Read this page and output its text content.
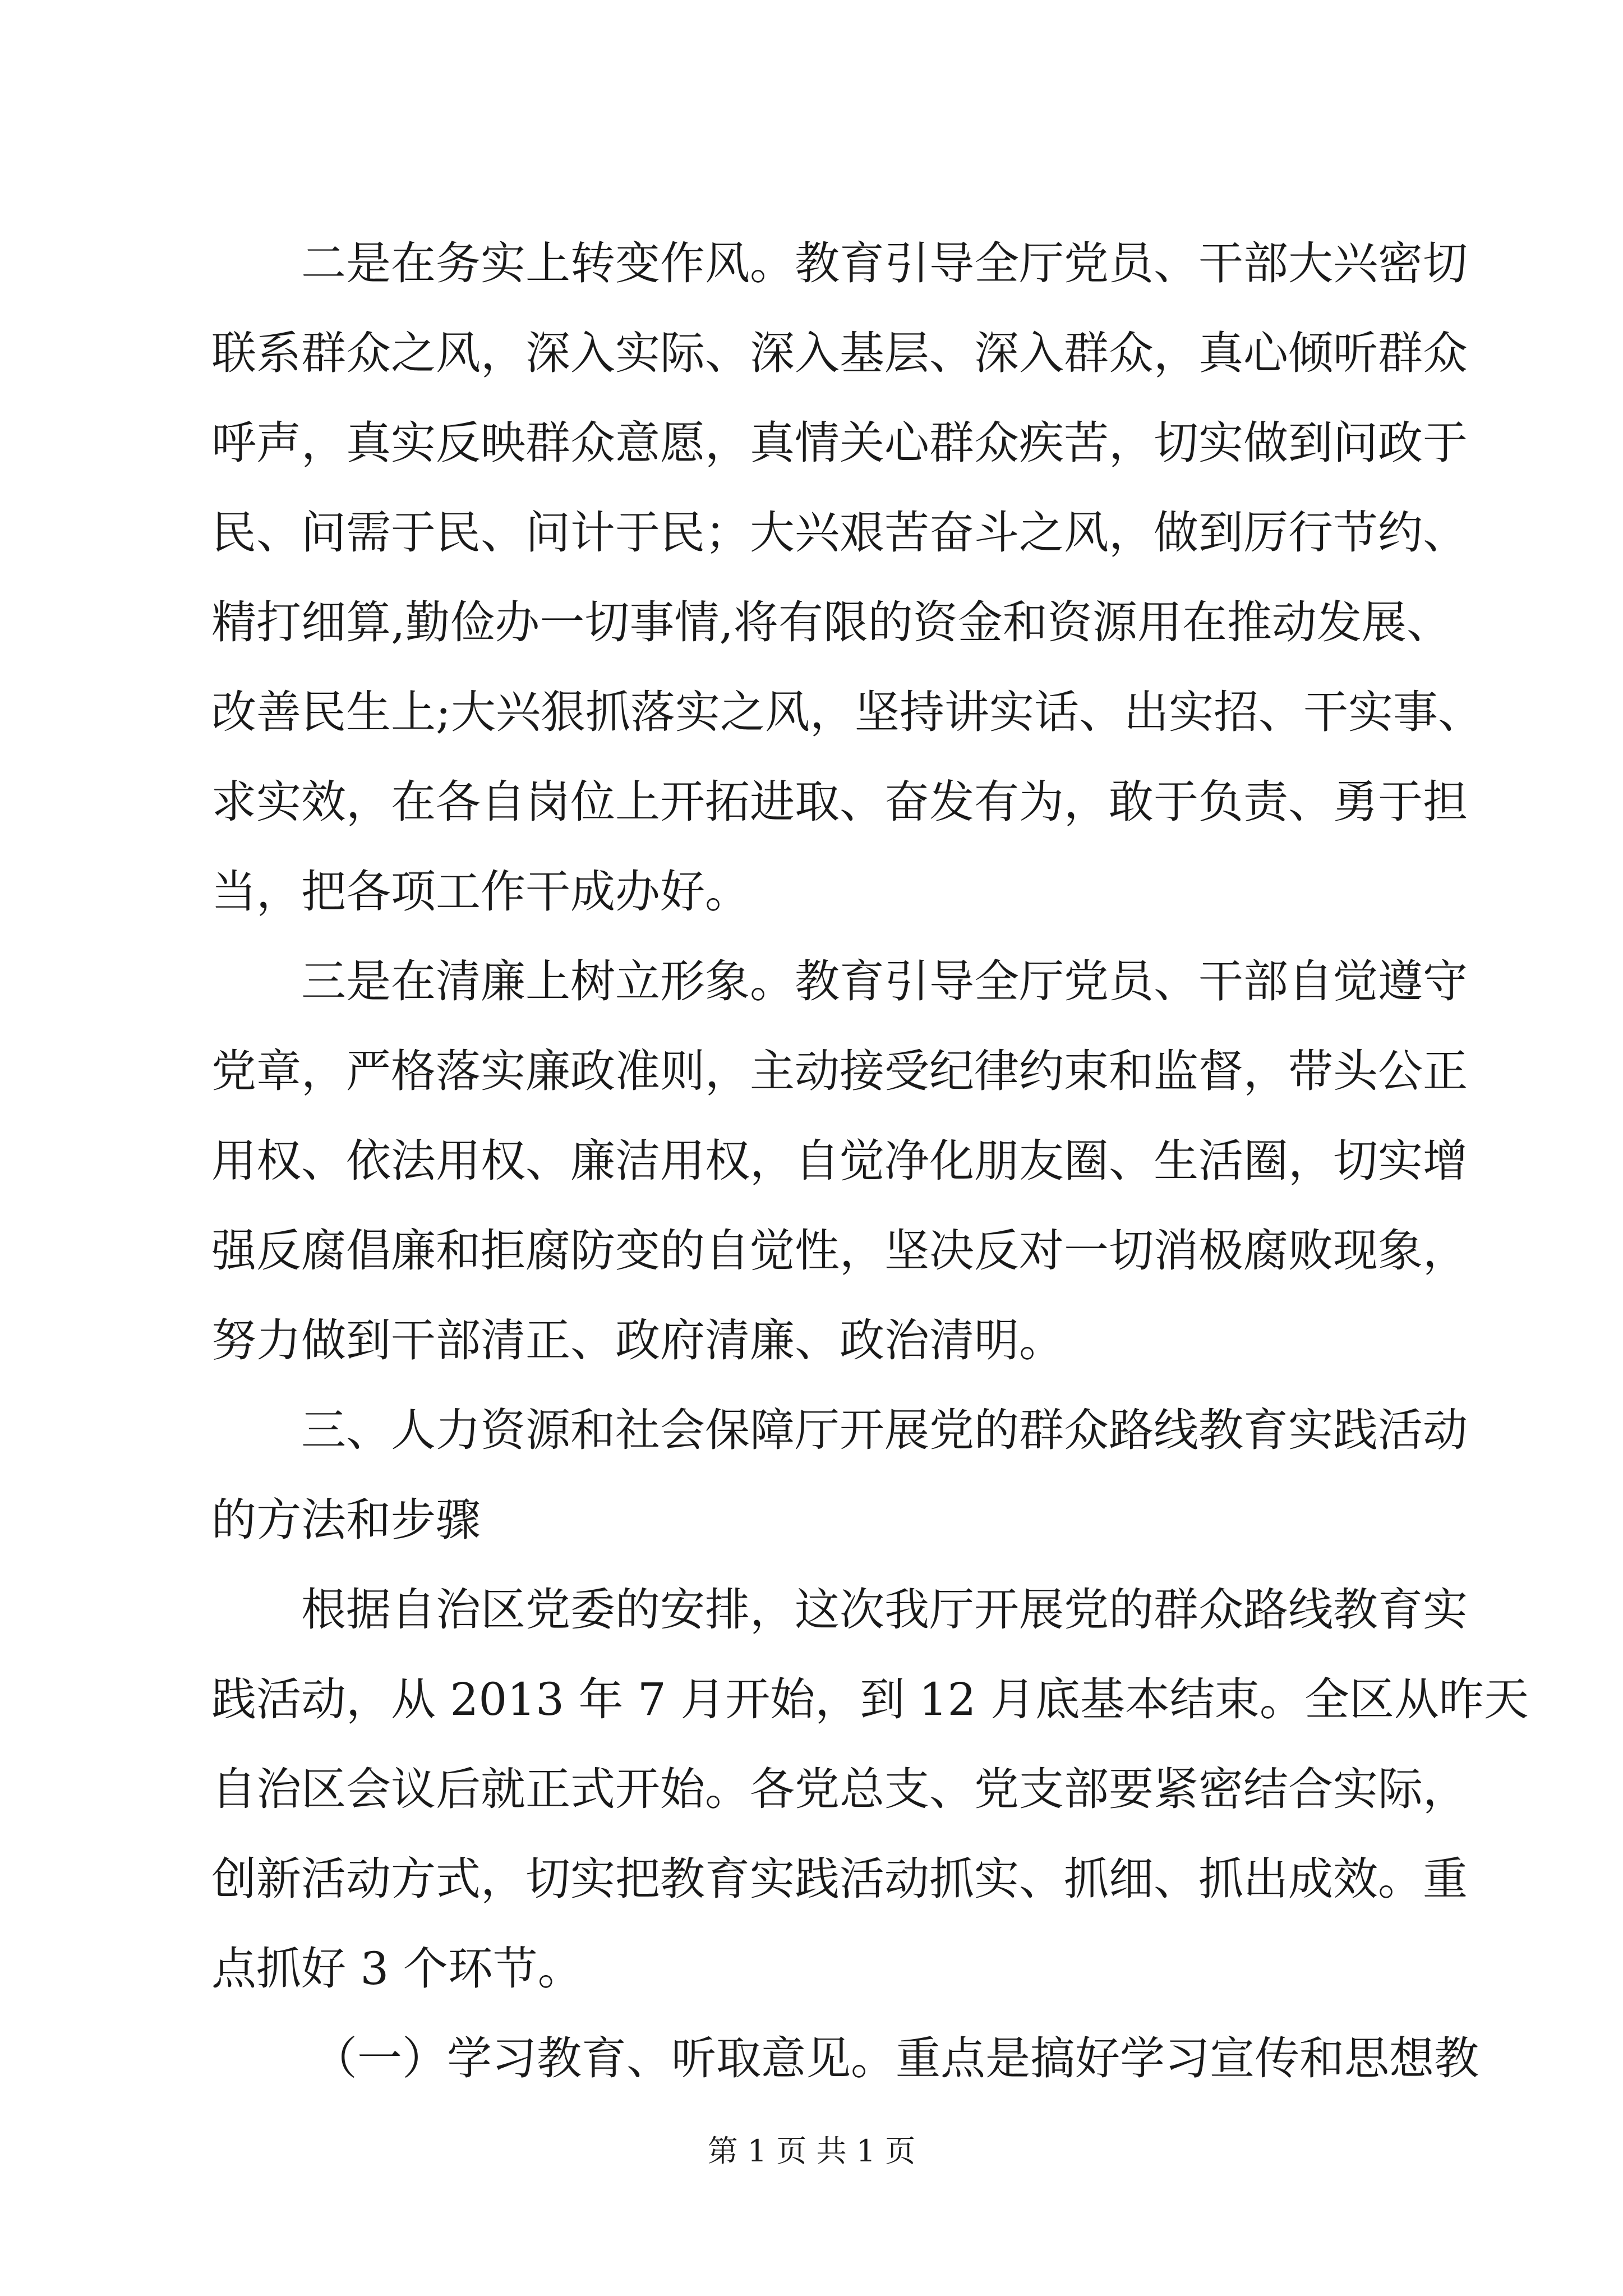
二是在务实上转变作风。教育引导全厅党员、干部大兴密切

联系群众之风，深入实际、深入基层、深入群众，真心倾听群众

呼声，真实反映群众意愿，真情关心群众疾苦，切实做到问政于

民、问需于民、问计于民；大兴艰苦奋斗之风，做到厉行节约、

精打细算,勤俭办一切事情,将有限的资金和资源用在推动发展、

改善民生上;大兴狠抓落实之风，坚持讲实话、出实招、干实事、

求实效，在各自岗位上开拓进取、奋发有为，敢于负责、勇于担

当，把各项工作干成办好。

三是在清廉上树立形象。教育引导全厅党员、干部自觉遵守

党章，严格落实廉政准则，主动接受纪律约束和监督，带头公正

用权、依法用权、廉洁用权，自觉净化朋友圈、生活圈，切实增

强反腐倡廉和拒腐防变的自觉性，坚决反对一切消极腐败现象，

努力做到干部清正、政府清廉、政治清明。

三、人力资源和社会保障厅开展党的群众路线教育实践活动

的方法和步骤

根据自治区党委的安排，这次我厅开展党的群众路线教育实

践活动，从 2013 年 7 月开始，到 12 月底基本结束。全区从昨天

自治区会议后就正式开始。各党总支、党支部要紧密结合实际，

创新活动方式，切实把教育实践活动抓实、抓细、抓出成效。重

点抓好 3 个环节。

（一）学习教育、听取意见。重点是搞好学习宣传和思想教

第 1 页 共 1 页
